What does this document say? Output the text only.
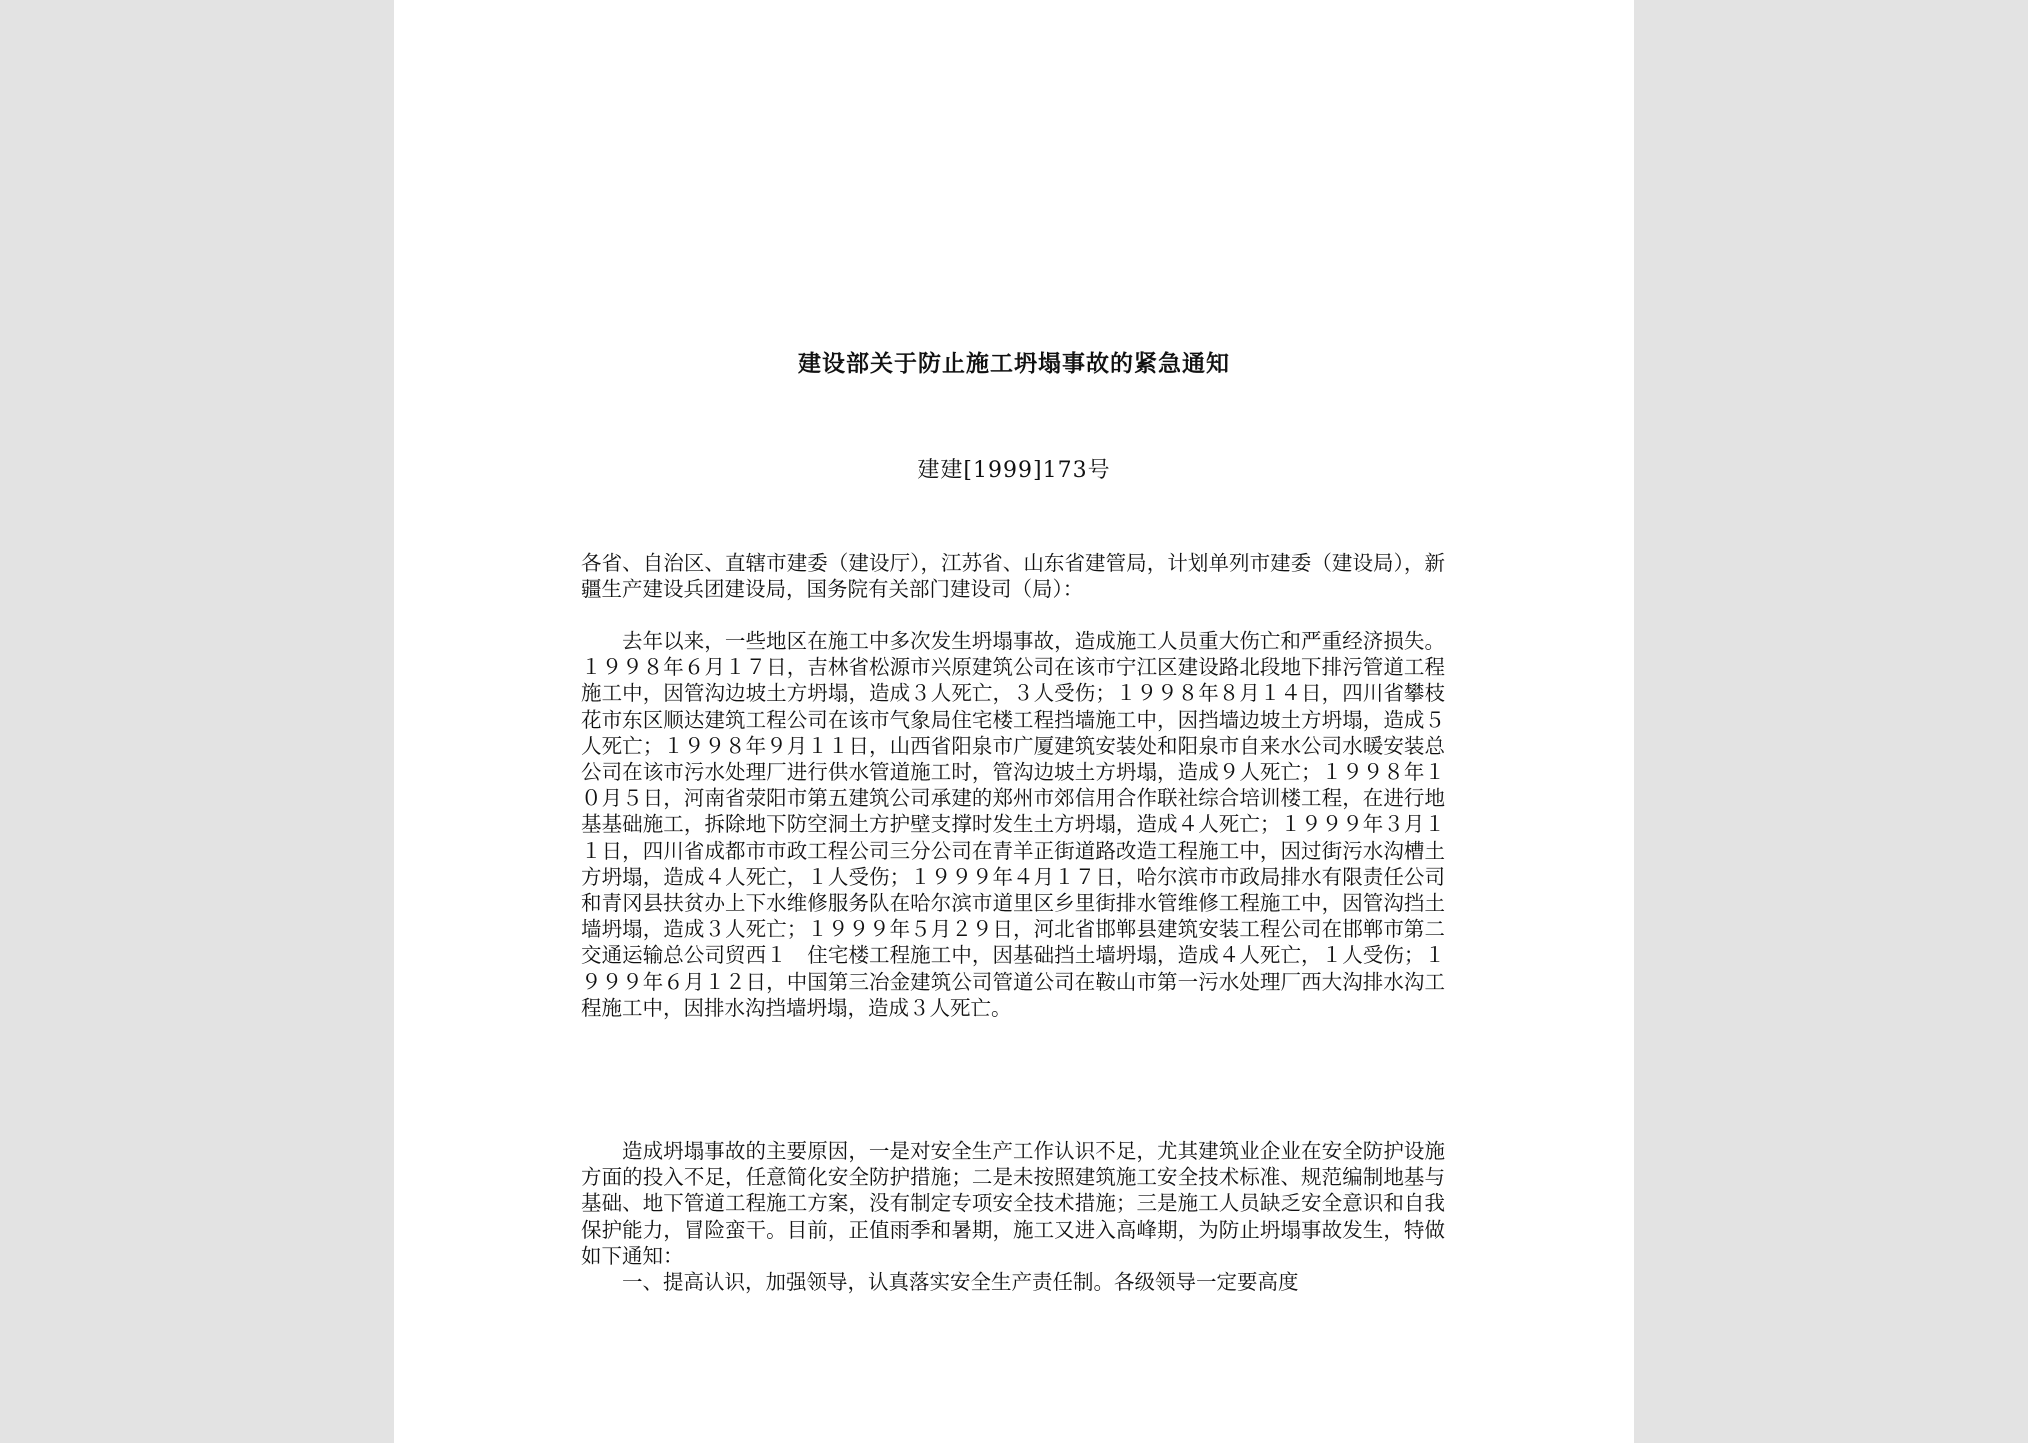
建设部关于防止施工坍塌事故的紧急通知
建建[1999]173号

各省、自治区、直辖市建委（建设厅），江苏省、山东省建管局，计划单列市建委（建设局），新疆生产建设兵团建设局，国务院有关部门建设司（局）：

去年以来，一些地区在施工中多次发生坍塌事故，造成施工人员重大伤亡和严重经济损失。１９９８年６月１７日，吉林省松源市兴原建筑公司在该市宁江区建设路北段地下排污管道工程施工中，因管沟边坡土方坍塌，造成３人死亡，３人受伤；１９９８年８月１４日，四川省攀枝花市东区顺达建筑工程公司在该市气象局住宅楼工程挡墙施工中，因挡墙边坡土方坍塌，造成５人死亡；１９９８年９月１１日，山西省阳泉市广厦建筑安装处和阳泉市自来水公司水暖安装总公司在该市污水处理厂进行供水管道施工时，管沟边坡土方坍塌，造成９人死亡；１９９８年１０月５日，河南省荥阳市第五建筑公司承建的郑州市郊信用合作联社综合培训楼工程，在进行地基基础施工，拆除地下防空洞土方护壁支撑时发生土方坍塌，造成４人死亡；１９９９年３月１１日，四川省成都市市政工程公司三分公司在青羊正街道路改造工程施工中，因过街污水沟槽土方坍塌，造成４人死亡，１人受伤；１９９９年４月１７日，哈尔滨市市政局排水有限责任公司和青冈县扶贫办上下水维修服务队在哈尔滨市道里区乡里街排水管维修工程施工中，因管沟挡土墙坍塌，造成３人死亡；１９９９年５月２９日，河北省邯郸县建筑安装工程公司在邯郸市第二交通运输总公司贸西１　住宅楼工程施工中，因基础挡土墙坍塌，造成４人死亡，１人受伤；１９９９年６月１２日，中国第三冶金建筑公司管道公司在鞍山市第一污水处理厂西大沟排水沟工程施工中，因排水沟挡墙坍塌，造成３人死亡。

造成坍塌事故的主要原因，一是对安全生产工作认识不足，尤其建筑业企业在安全防护设施方面的投入不足，任意简化安全防护措施；二是未按照建筑施工安全技术标准、规范编制地基与基础、地下管道工程施工方案，没有制定专项安全技术措施；三是施工人员缺乏安全意识和自我保护能力，冒险蛮干。目前，正值雨季和暑期，施工又进入高峰期，为防止坍塌事故发生，特做如下通知：

一、提高认识，加强领导，认真落实安全生产责任制。各级领导一定要高度
